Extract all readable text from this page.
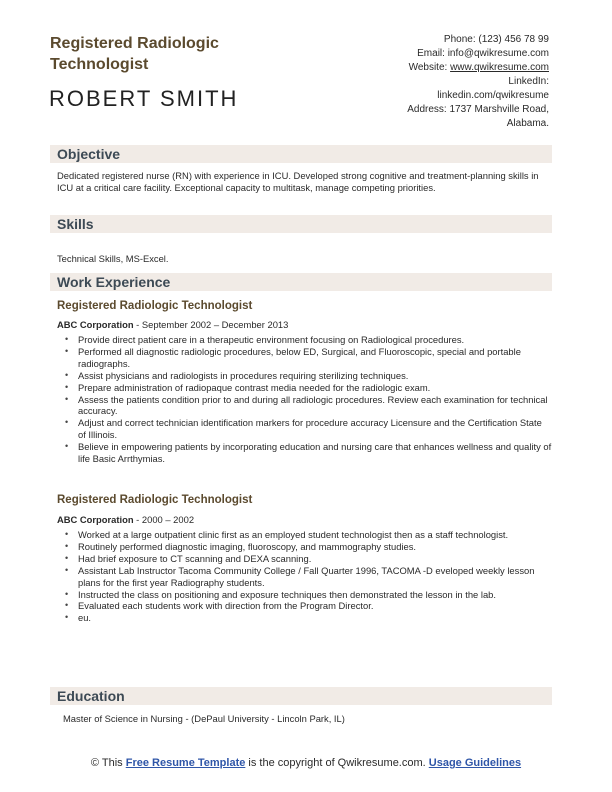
Registered Radiologic Technologist
ROBERT SMITH
Phone: (123) 456 78 99
Email: info@qwikresume.com
Website: www.qwikresume.com
LinkedIn:
linkedin.com/qwikresume
Address: 1737 Marshville Road,
Alabama.
Objective
Dedicated registered nurse (RN) with experience in ICU. Developed strong cognitive and treatment-planning skills in ICU at a critical care facility. Exceptional capacity to multitask, manage competing priorities.
Skills
Technical Skills, MS-Excel.
Work Experience
Registered Radiologic Technologist
ABC Corporation - September 2002 – December 2013
• Provide direct patient care in a therapeutic environment focusing on Radiological procedures.
• Performed all diagnostic radiologic procedures, below ED, Surgical, and Fluoroscopic, special and portable radiographs.
• Assist physicians and radiologists in procedures requiring sterilizing techniques.
• Prepare administration of radiopaque contrast media needed for the radiologic exam.
• Assess the patients condition prior to and during all radiologic procedures. Review each examination for technical accuracy.
• Adjust and correct technician identification markers for procedure accuracy Licensure and the Certification State of Illinois.
• Believe in empowering patients by incorporating education and nursing care that enhances wellness and quality of life Basic Arrthymias.
Registered Radiologic Technologist
ABC Corporation - 2000 – 2002
• Worked at a large outpatient clinic first as an employed student technologist then as a staff technologist.
• Routinely performed diagnostic imaging, fluoroscopy, and mammography studies.
• Had brief exposure to CT scanning and DEXA scanning.
• Assistant Lab Instructor Tacoma Community College / Fall Quarter 1996, TACOMA -D eveloped weekly lesson plans for the first year Radiography students.
• Instructed the class on positioning and exposure techniques then demonstrated the lesson in the lab.
• Evaluated each students work with direction from the Program Director.
• eu.
Education
Master of Science in Nursing - (DePaul University - Lincoln Park, IL)
© This Free Resume Template is the copyright of Qwikresume.com. Usage Guidelines
